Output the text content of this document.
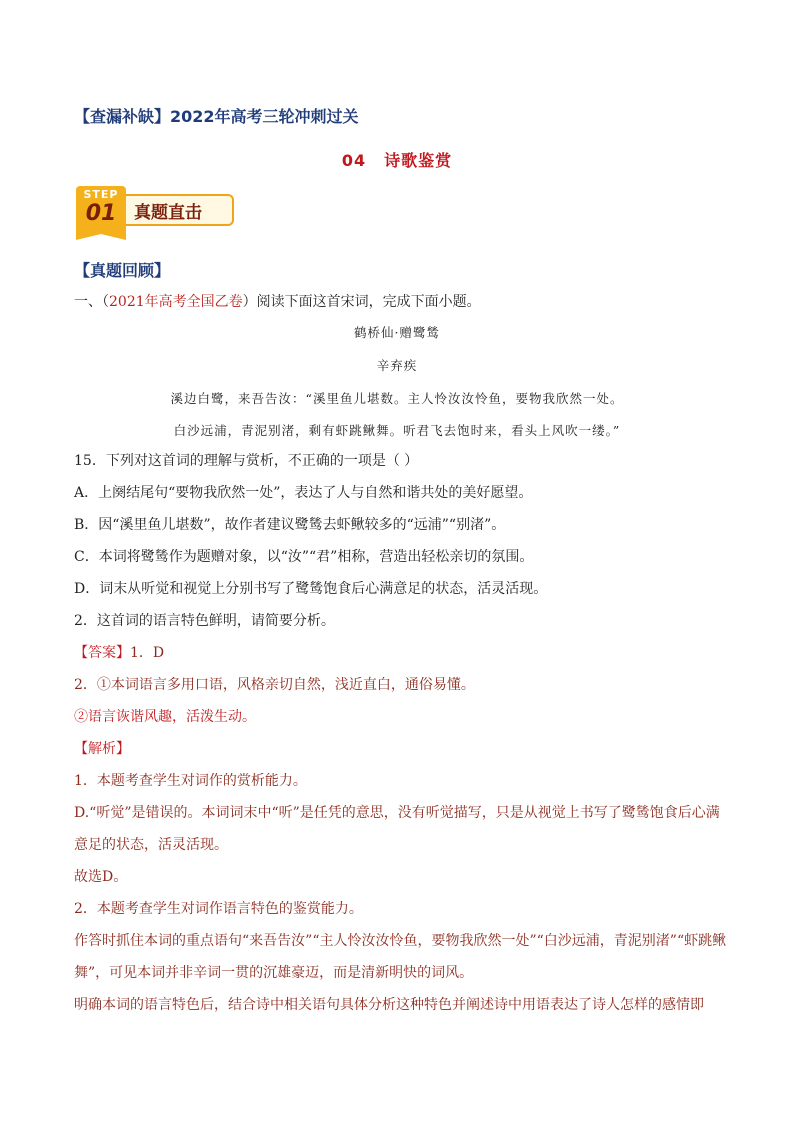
【查漏补缺】2022年高考三轮冲刺过关
04 诗歌鉴赏
真题直击
STEP
01
【真题回顾】
一、（2021年高考全国乙卷）阅读下面这首宋词，完成下面小题。
鹤桥仙·赠鹭鸶
辛弃疾
溪边白鹭，来吾告汝：“溪里鱼儿堪数。主人怜汝汝怜鱼，要物我欣然一处。
白沙远浦，青泥别渚，剩有虾跳鳅舞。听君飞去饱时来，看头上风吹一缕。”
15．下列对这首词的理解与赏析，不正确的一项是（ ）
A．上阕结尾句“要物我欣然一处”，表达了人与自然和谐共处的美好愿望。
B．因“溪里鱼儿堪数”，故作者建议鹭鸶去虾鳅较多的“远浦”“别渚”。
C．本词将鹭鸶作为题赠对象，以“汝”“君”相称，营造出轻松亲切的氛围。
D．词末从听觉和视觉上分别书写了鹭鸶饱食后心满意足的状态，活灵活现。
2．这首词的语言特色鲜明，请简要分析。
【答案】1．D
2．①本词语言多用口语，风格亲切自然，浅近直白，通俗易懂。
②语言诙谐风趣，活泼生动。
【解析】
1．本题考查学生对词作的赏析能力。
D.“听觉”是错误的。本词词末中“听”是任凭的意思，没有听觉描写，只是从视觉上书写了鹭鸶饱食后心满
意足的状态，活灵活现。
故选D。
2．本题考查学生对词作语言特色的鉴赏能力。
作答时抓住本词的重点语句“来吾告汝”“主人怜汝汝怜鱼，要物我欣然一处”“白沙远浦，青泥别渚”“虾跳鳅
舞”，可见本词并非辛词一贯的沉雄豪迈，而是清新明快的词风。
明确本词的语言特色后，结合诗中相关语句具体分析这种特色并阐述诗中用语表达了诗人怎样的感情即
